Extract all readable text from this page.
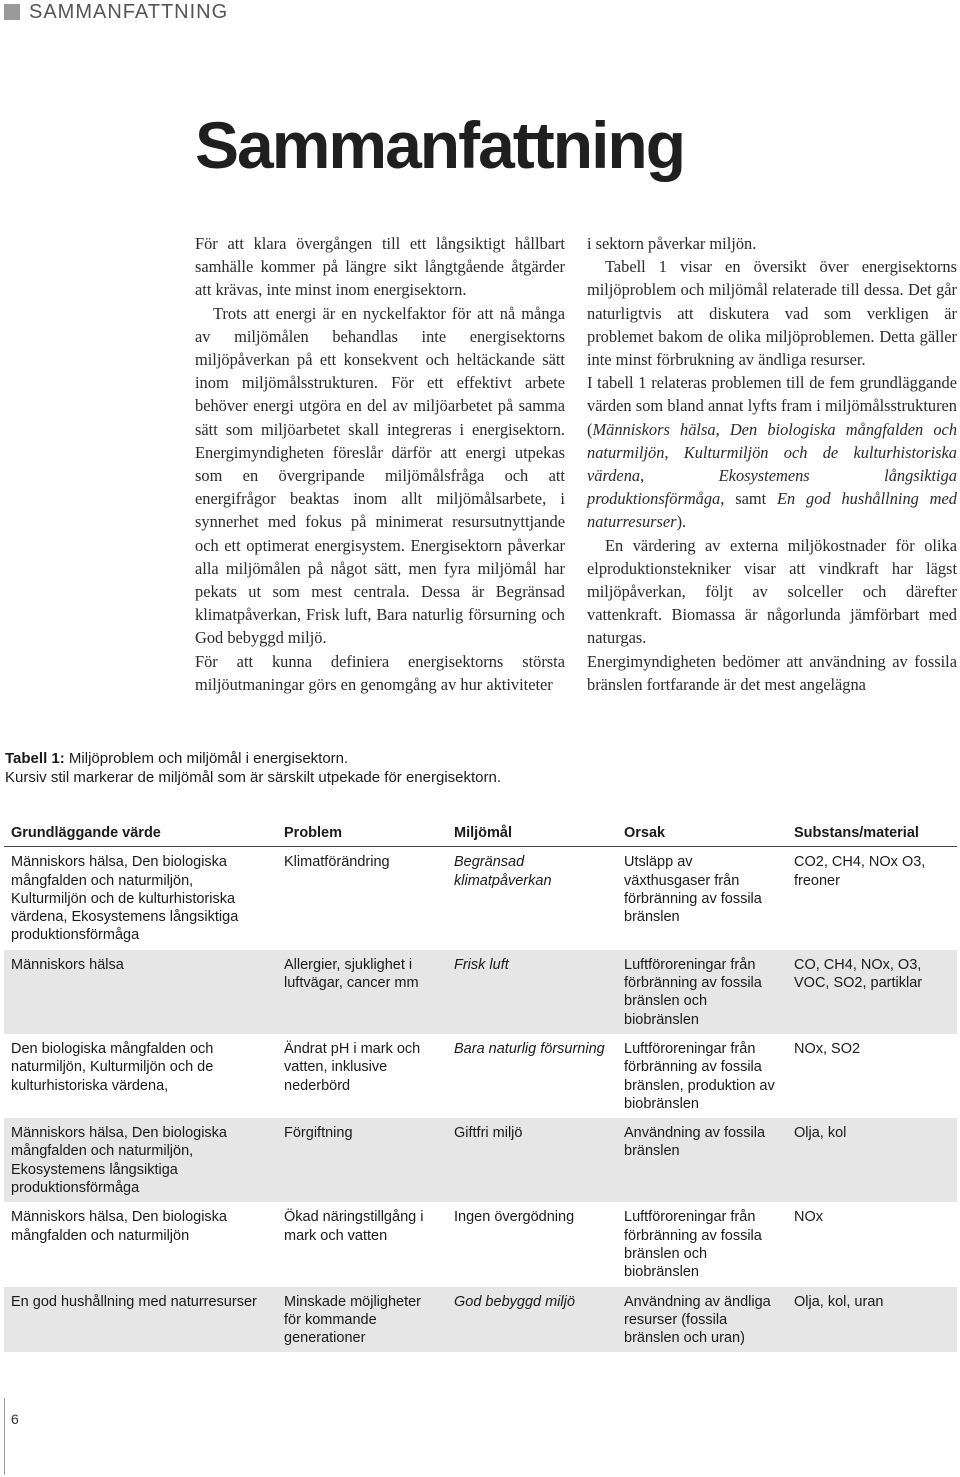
SAMMANFATTNING
Sammanfattning

För att klara övergången till ett långsiktigt hållbart samhälle kommer på längre sikt långtgående åtgärder att krävas, inte minst inom energisektorn.

Trots att energi är en nyckelfaktor för att nå många av miljömålen behandlas inte energisektorns miljöpåverkan på ett konsekvent och heltäckande sätt inom miljömålsstrukturen. För ett effektivt arbete behöver energi utgöra en del av miljöarbetet på samma sätt som miljöarbetet skall integreras i energisektorn. Energimyndigheten föreslår därför att energi utpekas som en övergripande miljömålsfråga och att energifrågor beaktas inom allt miljömålsarbete, i synnerhet med fokus på minimerat resursutnyttjande och ett optimerat energisystem. Energisektorn påverkar alla miljömålen på något sätt, men fyra miljömål har pekats ut som mest centrala. Dessa är Begränsad klimatpåverkan, Frisk luft, Bara naturlig försurning och God bebyggd miljö.

För att kunna definiera energisektorns största miljöutmaningar görs en genomgång av hur aktiviteter

i sektorn påverkar miljön.

Tabell 1 visar en översikt över energisektorns miljöproblem och miljömål relaterade till dessa. Det går naturligtvis att diskutera vad som verkligen är problemet bakom de olika miljöproblemen. Detta gäller inte minst förbrukning av ändliga resurser.

I tabell 1 relateras problemen till de fem grundläggande värden som bland annat lyfts fram i miljömålsstrukturen (Människors hälsa, Den biologiska mångfalden och naturmiljön, Kulturmiljön och de kulturhistoriska värdena, Ekosystemens långsiktiga produktionsförmåga, samt En god hushållning med naturresurser).

En värdering av externa miljökostnader för olika elproduktionstekniker visar att vindkraft har lägst miljöpåverkan, följt av solceller och därefter vattenkraft. Biomassa är någorlunda jämförbart med naturgas.

Energimyndigheten bedömer att användning av fossila bränslen fortfarande är det mest angelägna

Tabell 1: Miljöproblem och miljömål i energisektorn.
Kursiv stil markerar de miljömål som är särskilt utpekade för energisektorn.
Grundläggande värde	Problem	Miljömål	Orsak	Substans/material
Människors hälsa, Den biologiska mångfalden och naturmiljön, Kulturmiljön och de kulturhistoriska värdena, Ekosystemens långsiktiga produktionsförmåga	Klimatförändring	Begränsad klimatpåverkan	Utsläpp av växthusgaser från förbränning av fossila bränslen	CO2, CH4, NOx O3, freoner
Människors hälsa	Allergier, sjuklighet i luftvägar, cancer mm	Frisk luft	Luftföroreningar från förbränning av fossila bränslen och biobränslen	CO, CH4, NOx, O3, VOC, SO2, partiklar
Den biologiska mångfalden och naturmiljön, Kulturmiljön och de kulturhistoriska värdena,	Ändrat pH i mark och vatten, inklusive nederbörd	Bara naturlig försurning	Luftföroreningar från förbränning av fossila bränslen, produktion av biobränslen	NOx, SO2
Människors hälsa, Den biologiska mångfalden och naturmiljön, Ekosystemens långsiktiga produktionsförmåga	Förgiftning	Giftfri miljö	Användning av fossila bränslen	Olja, kol
Människors hälsa, Den biologiska mångfalden och naturmiljön	Ökad näringstillgång i mark och vatten	Ingen övergödning	Luftföroreningar från förbränning av fossila bränslen och biobränslen	NOx
En god hushållning med naturresurser	Minskade möjligheter för kommande generationer	God bebyggd miljö	Användning av ändliga resurser (fossila bränslen och uran)	Olja, kol, uran
6
